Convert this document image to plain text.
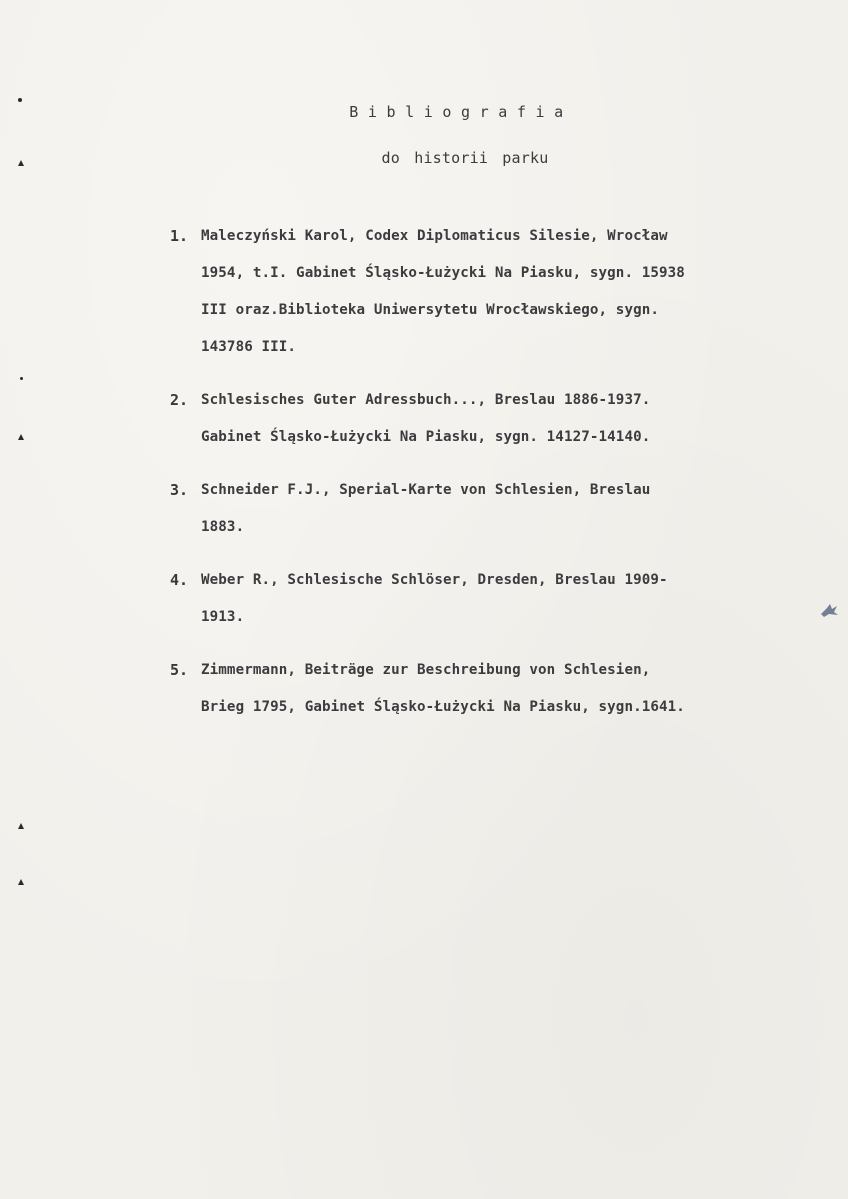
Bibliografia
do historii parku
1. Maleczyński Karol, Codex Diplomaticus Silesie, Wrocław
1954, t.I. Gabinet Śląsko-Łużycki Na Piasku, sygn. 15938
III oraz.Biblioteka Uniwersytetu Wrocławskiego, sygn.
143786 III.
2. Schlesisches Guter Adressbuch..., Breslau 1886-1937.
Gabinet Śląsko-Łużycki Na Piasku, sygn. 14127-14140.
3. Schneider F.J., Sperial-Karte von Schlesien, Breslau
1883.
4. Weber R., Schlesische Schlöser, Dresden, Breslau 1909-
1913.
5. Zimmermann, Beiträge zur Beschreibung von Schlesien,
Brieg 1795, Gabinet Śląsko-Łużycki Na Piasku, sygn.1641.
